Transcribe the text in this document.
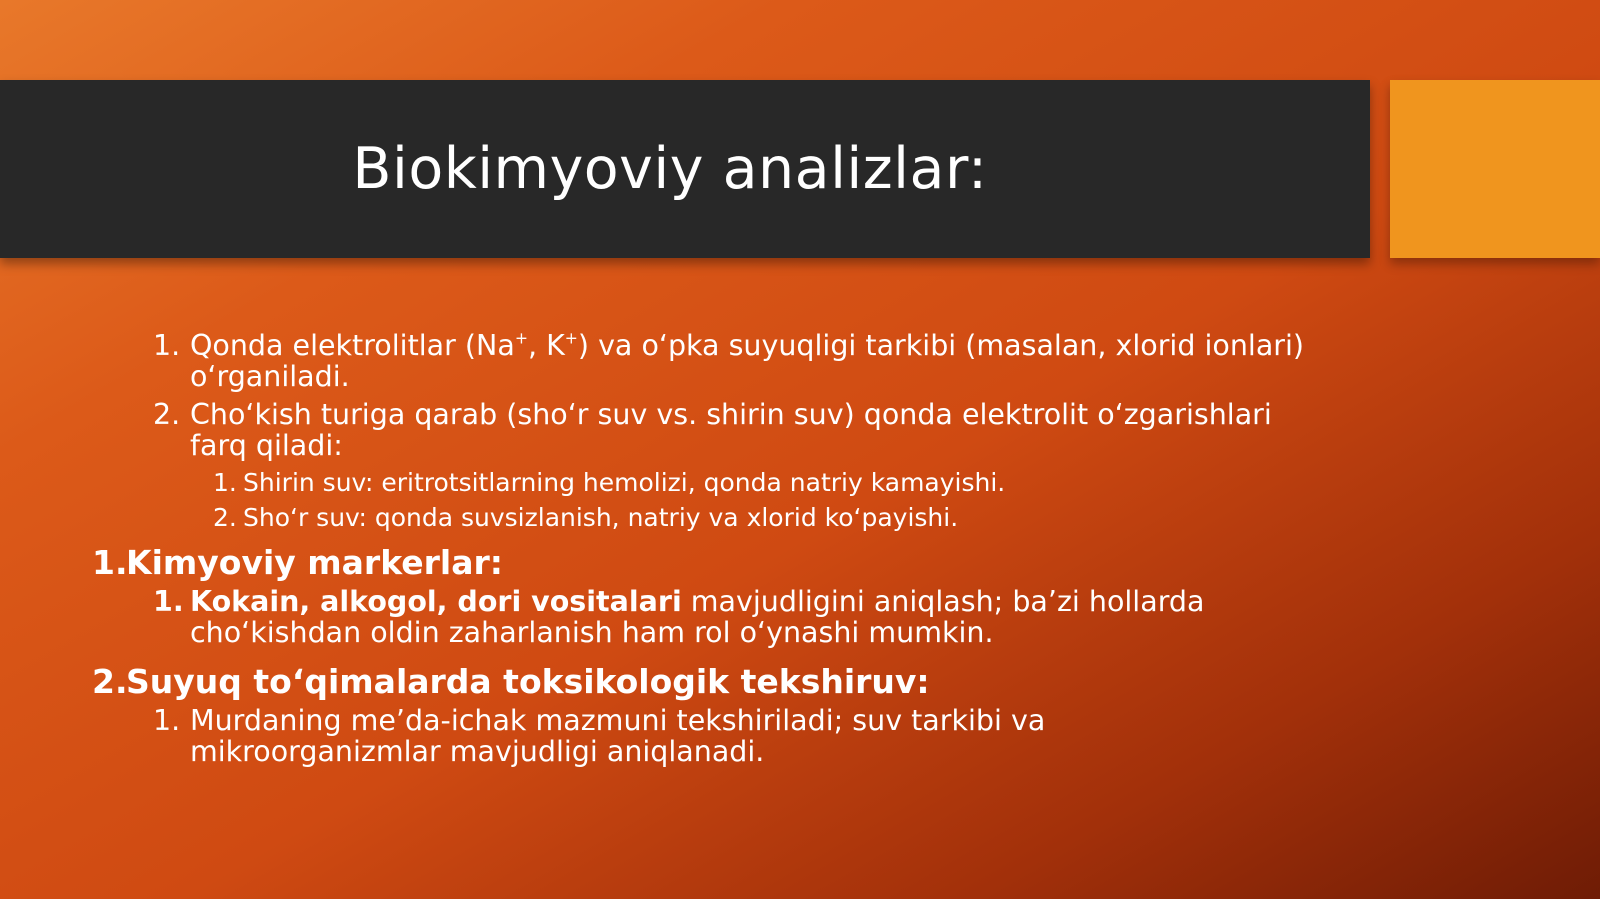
Biokimyoviy analizlar:
1. Qonda elektrolitlar (Na+, K+) va o‘pka suyuqligi tarkibi (masalan, xlorid ionlari)
o‘rganiladi.
2. Cho‘kish turiga qarab (sho‘r suv vs. shirin suv) qonda elektrolit o‘zgarishlari
farq qiladi:
1. Shirin suv: eritrotsitlarning hemolizi, qonda natriy kamayishi.
2. Sho‘r suv: qonda suvsizlanish, natriy va xlorid ko‘payishi.
1.
Kimyoviy markerlar:
1. Kokain, alkogol, dori vositalari mavjudligini aniqlash; ba’zi hollarda
cho‘kishdan oldin zaharlanish ham rol o‘ynashi mumkin.
2.
Suyuq to‘qimalarda toksikologik tekshiruv:
1. Murdaning me’da-ichak mazmuni tekshiriladi; suv tarkibi va
mikroorganizmlar mavjudligi aniqlanadi.
